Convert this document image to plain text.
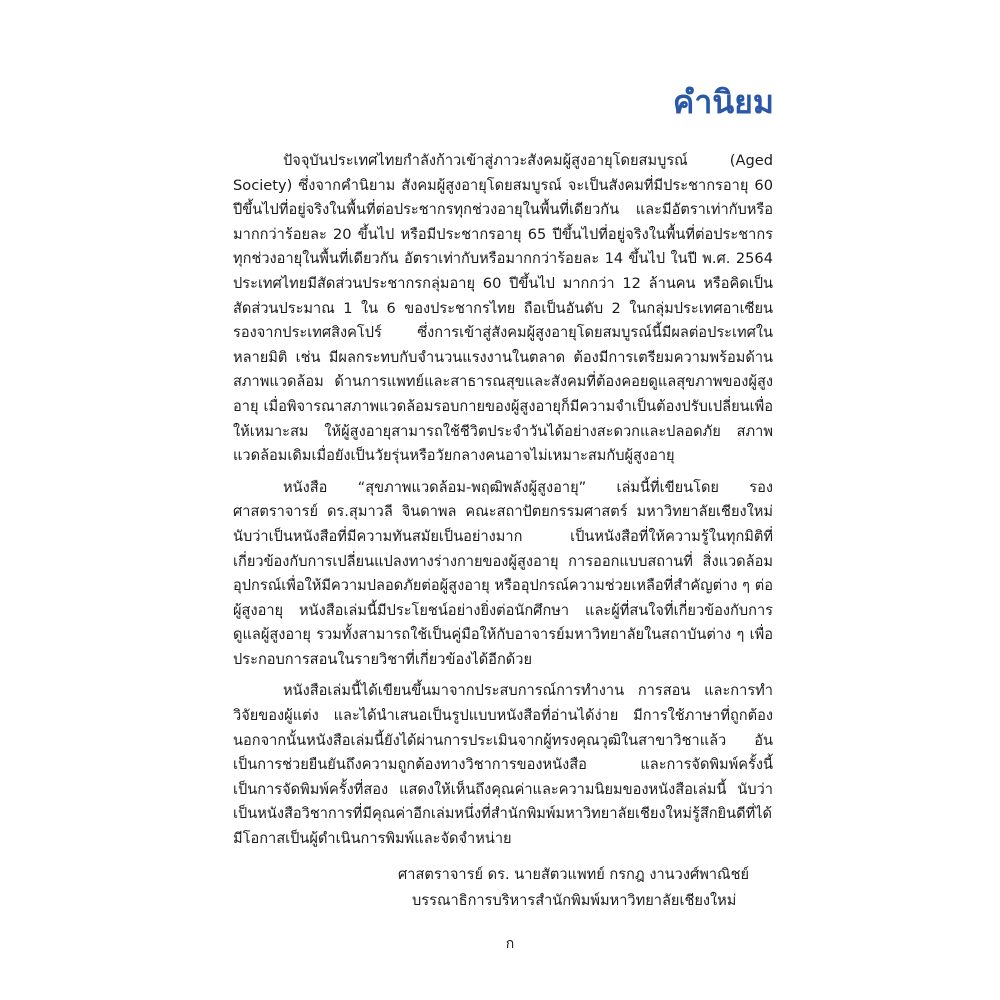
คำนิยม

ปัจจุบันประเทศไทยกำลังก้าวเข้าสู่ภาวะสังคมผู้สูงอายุโดยสมบูรณ์ (Aged Society) ซึ่งจากคำนิยาม สังคมผู้สูงอายุโดยสมบูรณ์ จะเป็นสังคมที่มีประชากรอายุ 60 ปีขึ้นไปที่อยู่จริงในพื้นที่ต่อประชากรทุกช่วงอายุในพื้นที่เดียวกัน และมีอัตราเท่ากับหรือมากกว่าร้อยละ 20 ขึ้นไป หรือมีประชากรอายุ 65 ปีขึ้นไปที่อยู่จริงในพื้นที่ต่อประชากรทุกช่วงอายุในพื้นที่เดียวกัน อัตราเท่ากับหรือมากกว่าร้อยละ 14 ขึ้นไป ในปี พ.ศ. 2564 ประเทศไทยมีสัดส่วนประชากรกลุ่มอายุ 60 ปีขึ้นไป มากกว่า 12 ล้านคน หรือคิดเป็นสัดส่วนประมาณ 1 ใน 6 ของประชากรไทย ถือเป็นอันดับ 2 ในกลุ่มประเทศอาเซียน รองจากประเทศสิงคโปร์ ซึ่งการเข้าสู่สังคมผู้สูงอายุโดยสมบูรณ์นี้มีผลต่อประเทศในหลายมิติ เช่น มีผลกระทบกับจำนวนแรงงานในตลาด ต้องมีการเตรียมความพร้อมด้านสภาพแวดล้อม ด้านการแพทย์และสาธารณสุขและสังคมที่ต้องคอยดูแลสุขภาพของผู้สูงอายุ เมื่อพิจารณาสภาพแวดล้อมรอบกายของผู้สูงอายุก็มีความจำเป็นต้องปรับเปลี่ยนเพื่อให้เหมาะสม ให้ผู้สูงอายุสามารถใช้ชีวิตประจำวันได้อย่างสะดวกและปลอดภัย สภาพแวดล้อมเดิมเมื่อยังเป็นวัยรุ่นหรือวัยกลางคนอาจไม่เหมาะสมกับผู้สูงอายุ

หนังสือ “สุขภาพแวดล้อม-พฤฒิพลังผู้สูงอายุ” เล่มนี้ที่เขียนโดย รองศาสตราจารย์ ดร.สุมาวลี จินดาพล คณะสถาปัตยกรรมศาสตร์ มหาวิทยาลัยเชียงใหม่ นับว่าเป็นหนังสือที่มีความทันสมัยเป็นอย่างมาก เป็นหนังสือที่ให้ความรู้ในทุกมิติที่เกี่ยวข้องกับการเปลี่ยนแปลงทางร่างกายของผู้สูงอายุ การออกแบบสถานที่ สิ่งแวดล้อมอุปกรณ์เพื่อให้มีความปลอดภัยต่อผู้สูงอายุ หรืออุปกรณ์ความช่วยเหลือที่สำคัญต่าง ๆ ต่อผู้สูงอายุ หนังสือเล่มนี้มีประโยชน์อย่างยิ่งต่อนักศึกษา และผู้ที่สนใจที่เกี่ยวข้องกับการดูแลผู้สูงอายุ รวมทั้งสามารถใช้เป็นคู่มือให้กับอาจารย์มหาวิทยาลัยในสถาบันต่าง ๆ เพื่อประกอบการสอนในรายวิชาที่เกี่ยวข้องได้อีกด้วย

หนังสือเล่มนี้ได้เขียนขึ้นมาจากประสบการณ์การทำงาน การสอน และการทำวิจัยของผู้แต่ง และได้นำเสนอเป็นรูปแบบหนังสือที่อ่านได้ง่าย มีการใช้ภาษาที่ถูกต้อง นอกจากนั้นหนังสือเล่มนี้ยังได้ผ่านการประเมินจากผู้ทรงคุณวุฒิในสาขาวิชาแล้ว อันเป็นการช่วยยืนยันถึงความถูกต้องทางวิชาการของหนังสือ และการจัดพิมพ์ครั้งนี้เป็นการจัดพิมพ์ครั้งที่สอง แสดงให้เห็นถึงคุณค่าและความนิยมของหนังสือเล่มนี้ นับว่าเป็นหนังสือวิชาการที่มีคุณค่าอีกเล่มหนึ่งที่สำนักพิมพ์มหาวิทยาลัยเชียงใหม่รู้สึกยินดีที่ได้มีโอกาสเป็นผู้ดำเนินการพิมพ์และจัดจำหน่าย

ศาสตราจารย์ ดร. นายสัตวแพทย์ กรกฎ งานวงศ์พาณิชย์

บรรณาธิการบริหารสำนักพิมพ์มหาวิทยาลัยเชียงใหม่

ก
